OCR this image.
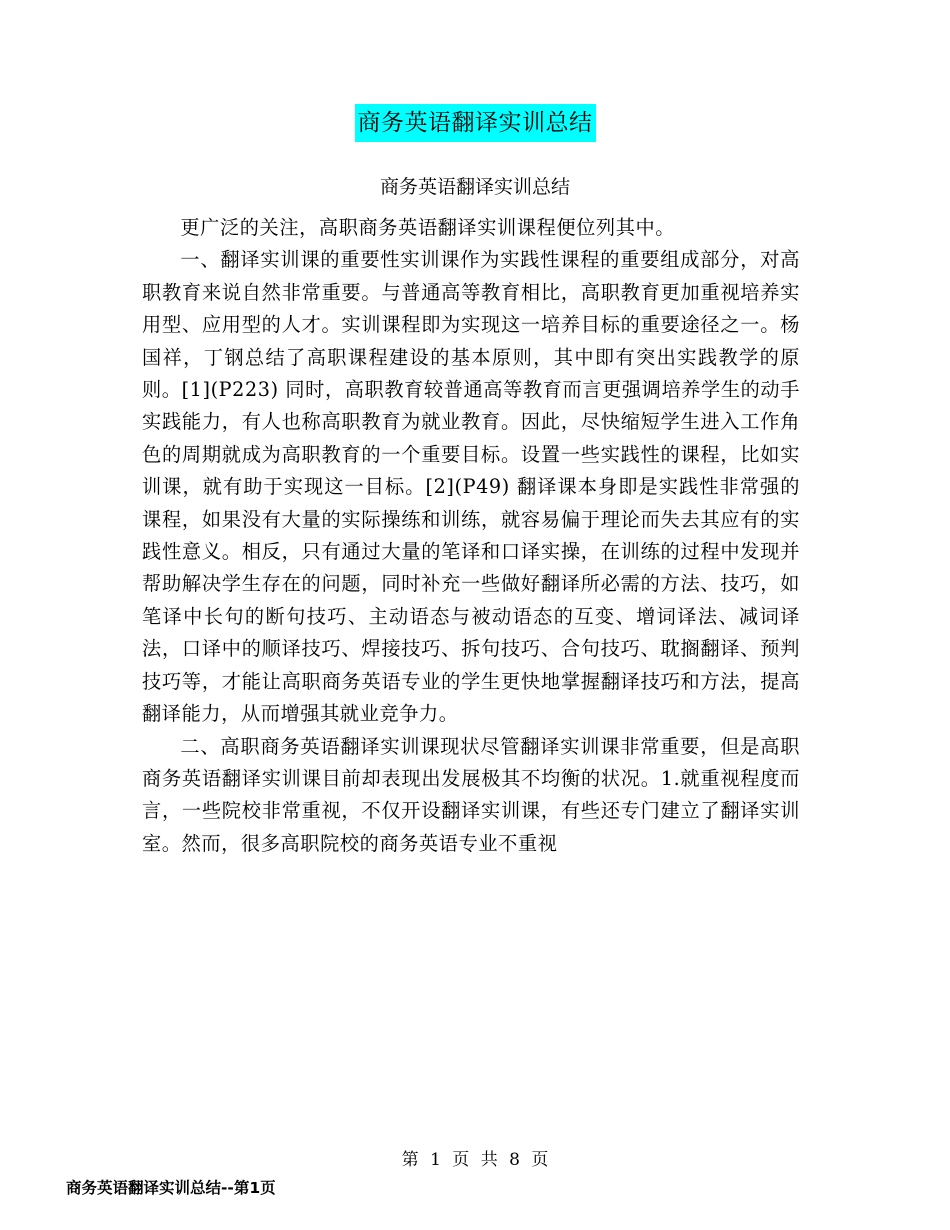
商务英语翻译实训总结
商务英语翻译实训总结

更广泛的关注，高职商务英语翻译实训课程便位列其中。

一、翻译实训课的重要性实训课作为实践性课程的重要组成部分，对高职教育来说自然非常重要。与普通高等教育相比，高职教育更加重视培养实用型、应用型的人才。实训课程即为实现这一培养目标的重要途径之一。杨国祥，丁钢总结了高职课程建设的基本原则，其中即有突出实践教学的原则。[1](P223) 同时，高职教育较普通高等教育而言更强调培养学生的动手实践能力，有人也称高职教育为就业教育。因此，尽快缩短学生进入工作角色的周期就成为高职教育的一个重要目标。设置一些实践性的课程，比如实训课，就有助于实现这一目标。[2](P49) 翻译课本身即是实践性非常强的课程，如果没有大量的实际操练和训练，就容易偏于理论而失去其应有的实践性意义。相反，只有通过大量的笔译和口译实操，在训练的过程中发现并帮助解决学生存在的问题，同时补充一些做好翻译所必需的方法、技巧，如笔译中长句的断句技巧、主动语态与被动语态的互变、增词译法、减词译法，口译中的顺译技巧、焊接技巧、拆句技巧、合句技巧、耽搁翻译、预判技巧等，才能让高职商务英语专业的学生更快地掌握翻译技巧和方法，提高翻译能力，从而增强其就业竞争力。

二、高职商务英语翻译实训课现状尽管翻译实训课非常重要，但是高职商务英语翻译实训课目前却表现出发展极其不均衡的状况。1.就重视程度而言，一些院校非常重视，不仅开设翻译实训课，有些还专门建立了翻译实训室。然而，很多高职院校的商务英语专业不重视

第 1 页 共 8 页
商务英语翻译实训总结--第1页
